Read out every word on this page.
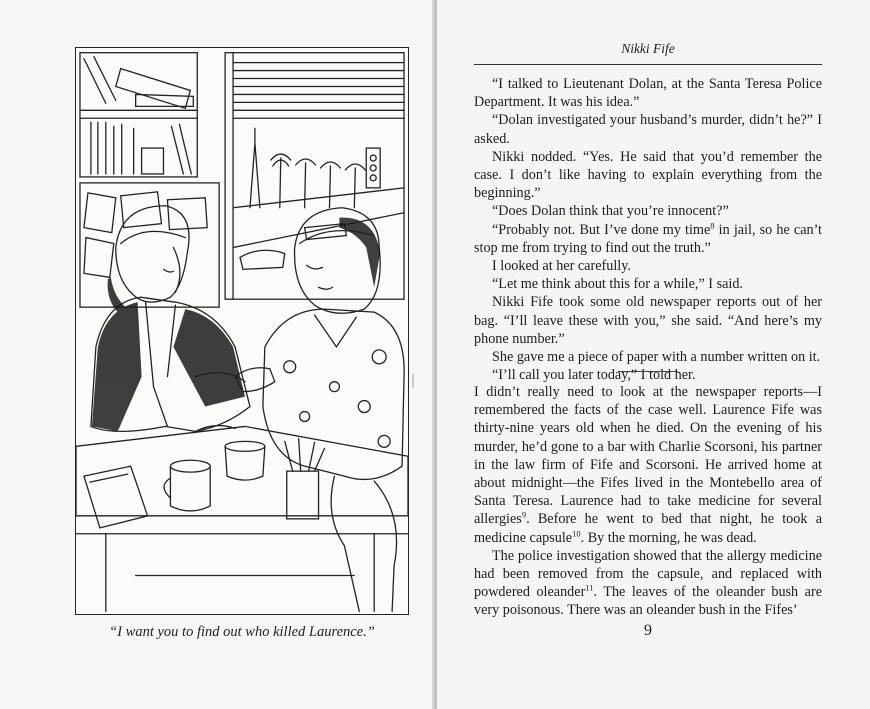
“I want you to find out who killed Laurence.”
Nikki Fife

“I talked to Lieutenant Dolan, at the Santa Teresa Police Department. It was his idea.”

“Dolan investigated your husband’s murder, didn’t he?” I asked.

Nikki nodded. “Yes. He said that you’d remember the case. I don’t like having to explain everything from the beginning.”

“Does Dolan think that you’re innocent?”

“Probably not. But I’ve done my time$^8$ in jail, so he can’t stop me from trying to find out the truth.”

I looked at her carefully.

“Let me think about this for a while,” I said.

Nikki Fife took some old newspaper reports out of her bag. “I’ll leave these with you,” she said. “And here’s my phone number.”

She gave me a piece of paper with a number written on it.

“I’ll call you later today,” I told her.

I didn’t really need to look at the newspaper reports—I remembered the facts of the case well. Laurence Fife was thirty-nine years old when he died. On the evening of his murder, he’d gone to a bar with Charlie Scorsoni, his partner in the law firm of Fife and Scorsoni. He arrived home at about midnight—the Fifes lived in the Montebello area of Santa Teresa. Laurence had to take medicine for several allergies$^9$. Before he went to bed that night, he took a medicine capsule$^{10}$. By the morning, he was dead.

The police investigation showed that the allergy medicine had been removed from the capsule, and replaced with powdered oleander$^{11}$. The leaves of the oleander bush are very poisonous. There was an oleander bush in the Fifes’

9
